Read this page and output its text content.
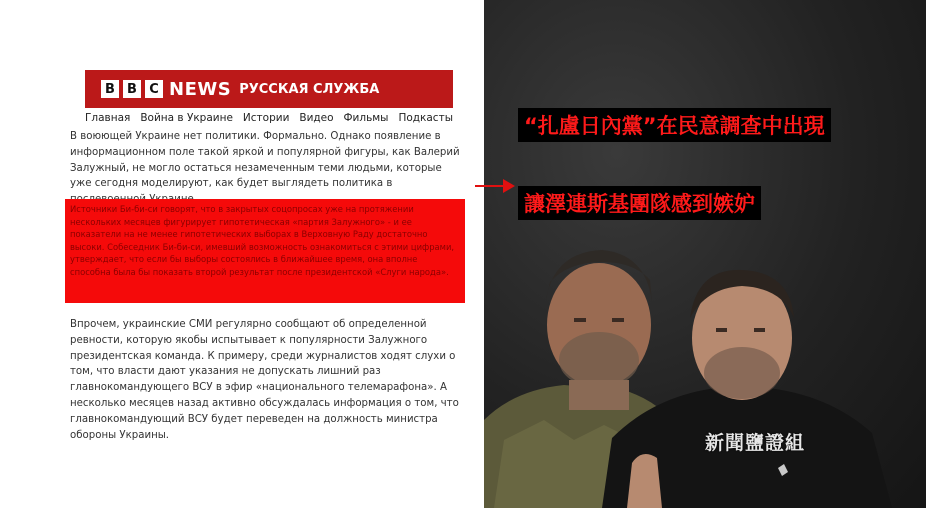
B B C NEWS РУССКАЯ СЛУЖБА
Главная Война в Украине Истории Видео Фильмы Подкасты

В воюющей Украине нет политики. Формально. Однако появление в информационном поле такой яркой и популярной фигуры, как Валерий Залужный, не могло остаться незамеченным теми людьми, которые уже сегодня моделируют, как будет выглядеть политика в

Источники Би-би-си говорят, что в закрытых соцопросах уже на протяжении нескольких месяцев фигурирует гипотетическая «партия Залужного» - и ее показатели на не менее гипотетических выборах в Верховную Раду достаточно высоки. Собеседник Би-би-си, имевший возможность ознакомиться с этими цифрами, утверждает, что если бы выборы состоялись в ближайшее время, она вполне способна была бы показать второй результат после президентской «Слуги народа».

Впрочем, украинские СМИ регулярно сообщают об определенной ревности, которую якобы испытывает к популярности Залужного президентская команда. К примеру, среди журналистов ходят слухи о том, что власти дают указания не допускать лишний раз главнокомандующего ВСУ в эфир «национального телемарафона». А несколько месяцев назад активно обсуждалась информация о том, что главнокомандующий ВСУ будет переведен на должность министра обороны Украины.

“扎盧日內黨”在民意調查中出現
讓澤連斯基團隊感到嫉妒
新聞鹽證組
